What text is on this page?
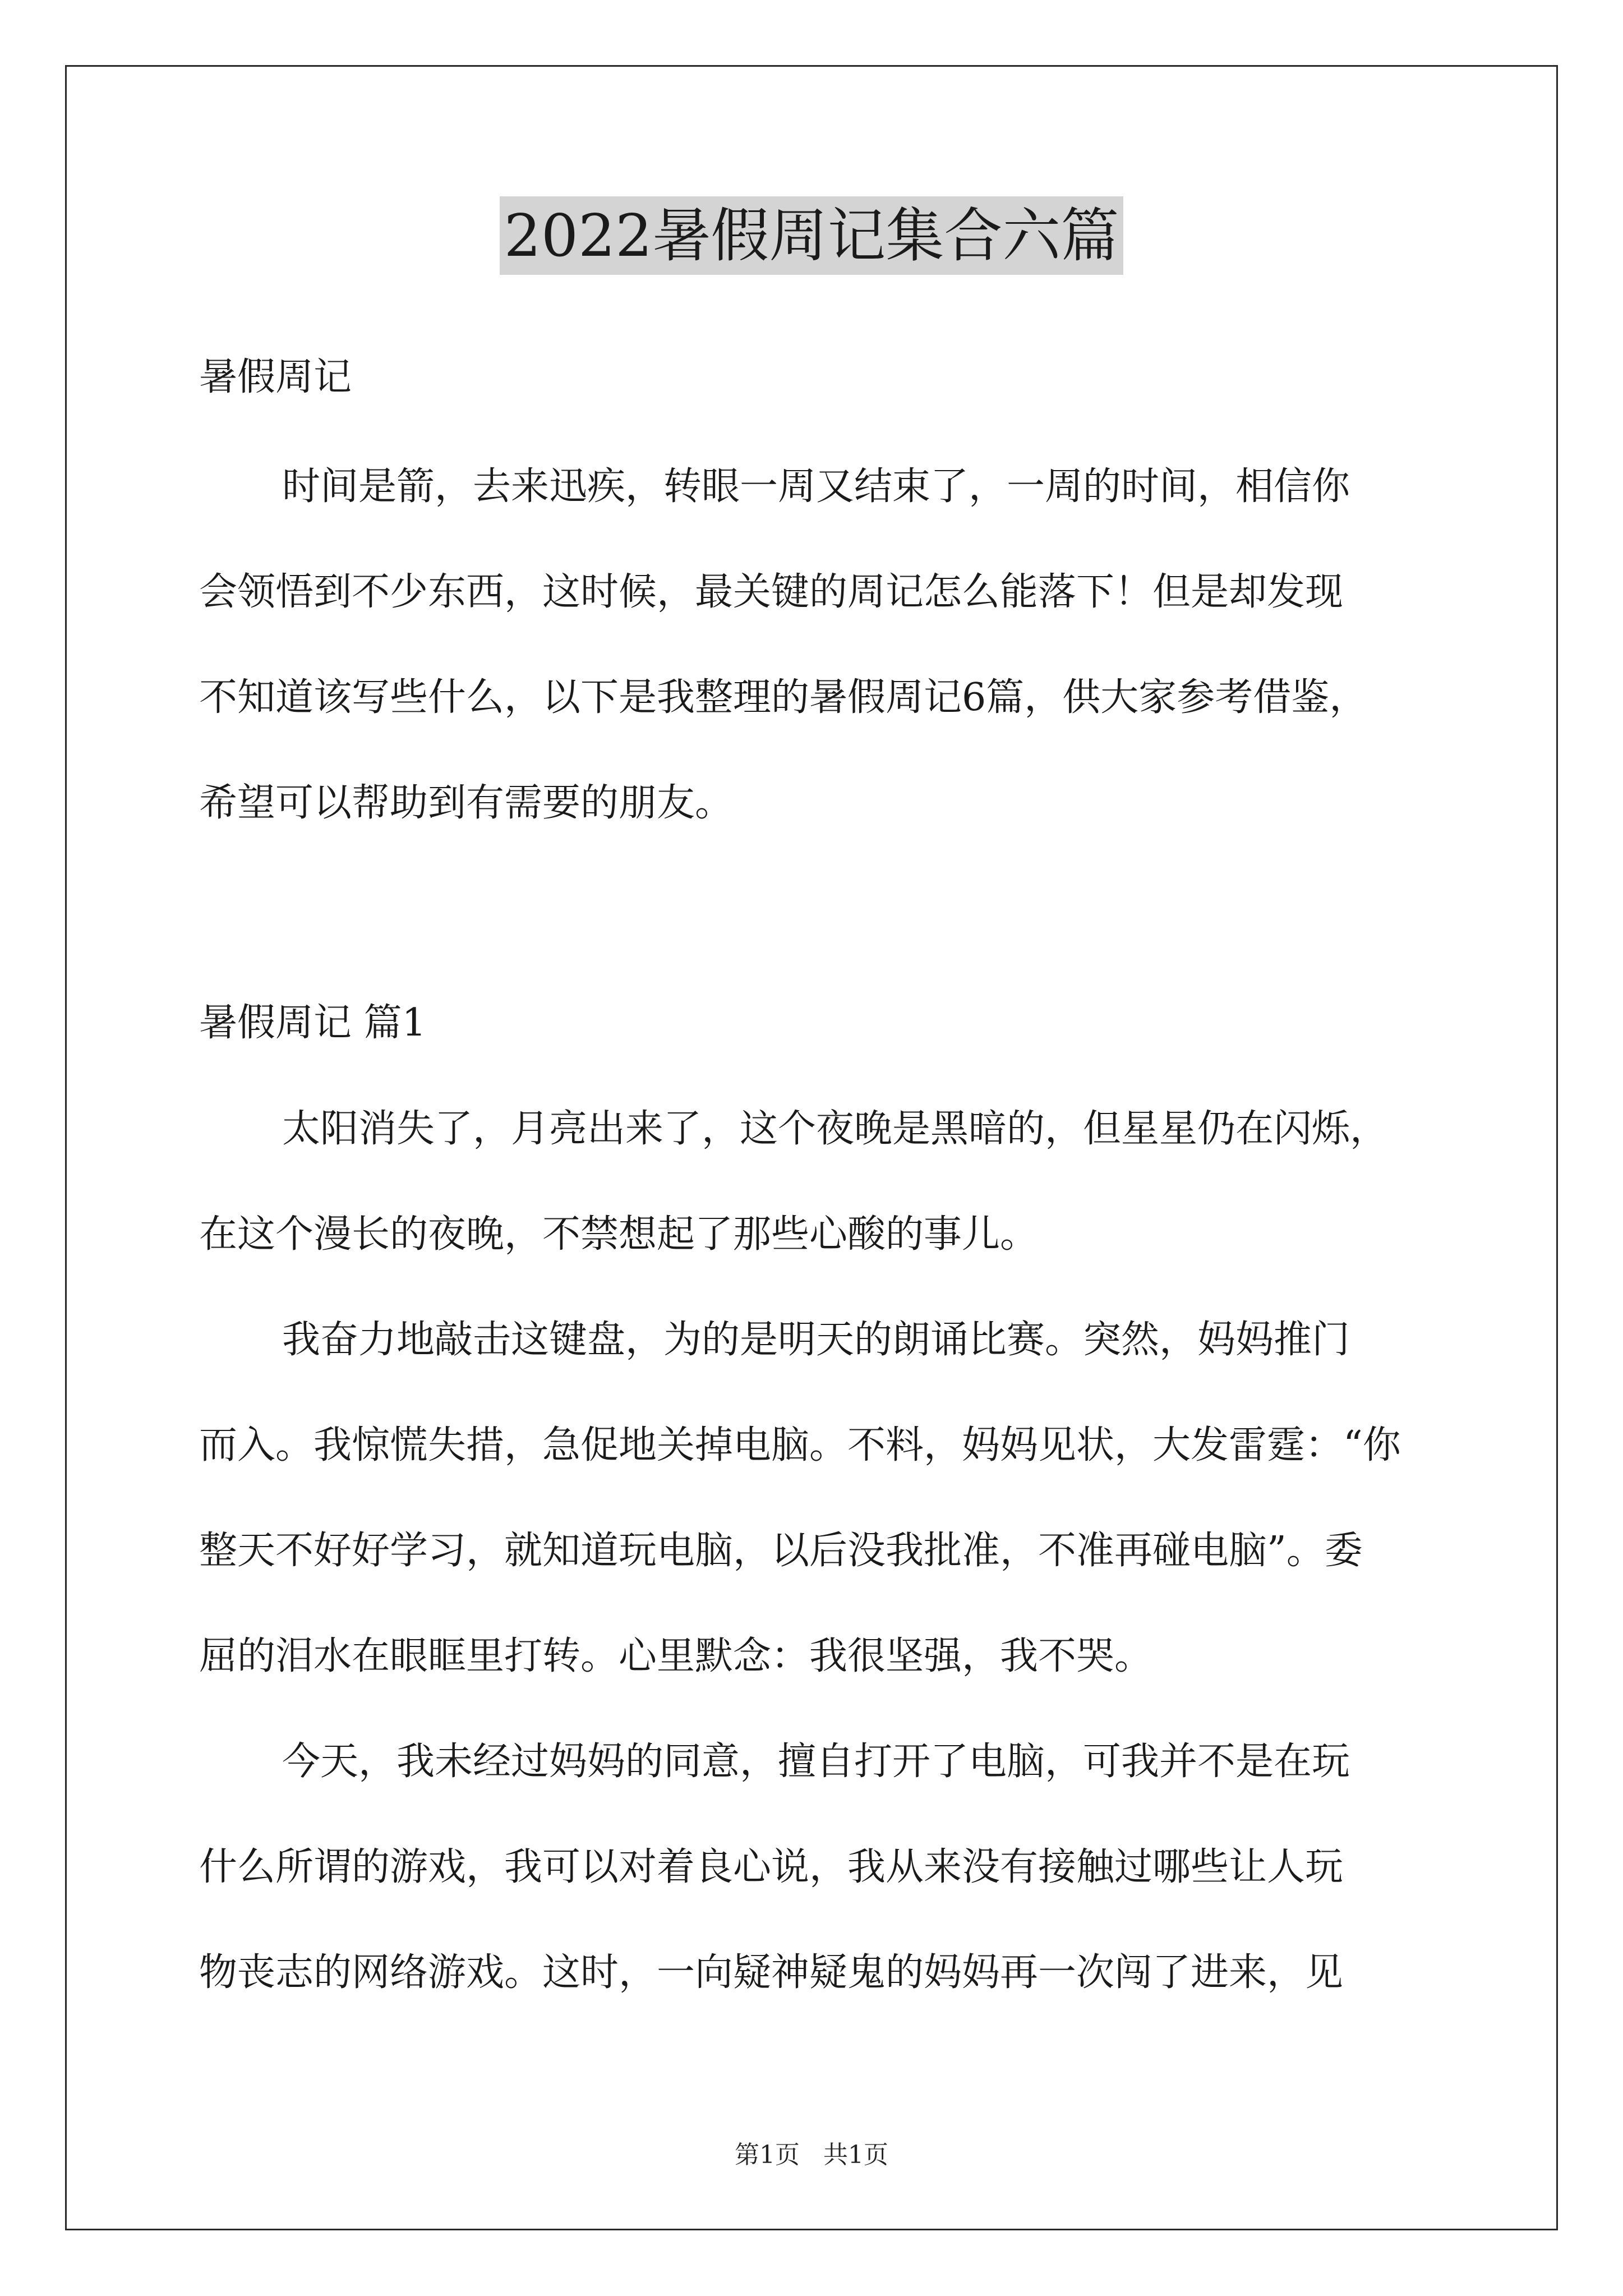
2022暑假周记集合六篇
暑假周记
时间是箭，去来迅疾，转眼一周又结束了，一周的时间，相信你
会领悟到不少东西，这时候，最关键的周记怎么能落下！但是却发现
不知道该写些什么，以下是我整理的暑假周记6篇，供大家参考借鉴，
希望可以帮助到有需要的朋友。
暑假周记 篇1
太阳消失了，月亮出来了，这个夜晚是黑暗的，但星星仍在闪烁，
在这个漫长的夜晚，不禁想起了那些心酸的事儿。
我奋力地敲击这键盘，为的是明天的朗诵比赛。突然，妈妈推门
而入。我惊慌失措，急促地关掉电脑。不料，妈妈见状，大发雷霆：“你
整天不好好学习，就知道玩电脑，以后没我批准，不准再碰电脑”。委
屈的泪水在眼眶里打转。心里默念：我很坚强，我不哭。
今天，我未经过妈妈的同意，擅自打开了电脑，可我并不是在玩
什么所谓的游戏，我可以对着良心说，我从来没有接触过哪些让人玩
物丧志的网络游戏。这时，一向疑神疑鬼的妈妈再一次闯了进来，见
第1页 共1页
